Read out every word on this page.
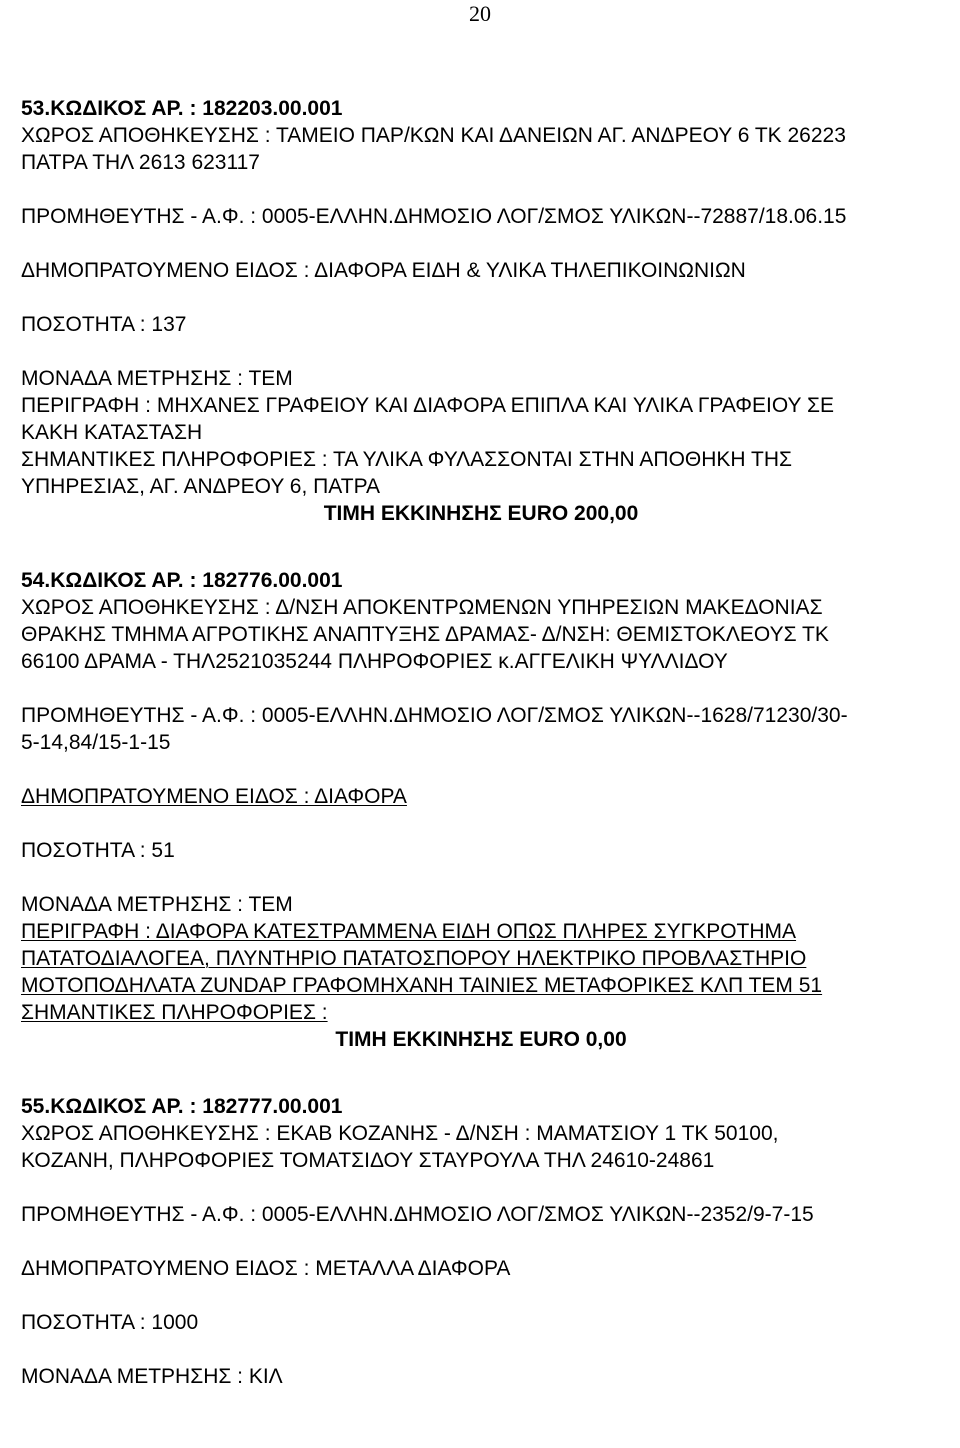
20
53.ΚΩΔΙΚΟΣ ΑΡ. : 182203.00.001
ΧΩΡΟΣ ΑΠΟΘΗΚΕΥΣΗΣ : ΤΑΜΕΙΟ ΠΑΡ/ΚΩΝ ΚΑΙ ΔΑΝΕΙΩΝ ΑΓ. ΑΝΔΡΕΟΥ 6 ΤΚ 26223
ΠΑΤΡΑ ΤΗΛ 2613 623117
ΠΡΟΜΗΘΕΥΤΗΣ - Α.Φ. : 0005-ΕΛΛΗΝ.ΔΗΜΟΣΙΟ ΛΟΓ/ΣΜΟΣ ΥΛΙΚΩΝ--72887/18.06.15
ΔΗΜΟΠΡΑΤΟΥΜΕΝΟ ΕΙΔΟΣ : ΔΙΑΦΟΡΑ ΕΙΔΗ & ΥΛΙΚΑ ΤΗΛΕΠΙΚΟΙΝΩΝΙΩΝ
ΠΟΣΟΤΗΤΑ : 137
ΜΟΝΑΔΑ ΜΕΤΡΗΣΗΣ : ΤΕΜ
ΠΕΡΙΓΡΑΦΗ : ΜΗΧΑΝΕΣ ΓΡΑΦΕΙΟΥ ΚΑΙ ΔΙΑΦΟΡΑ ΕΠΙΠΛΑ ΚΑΙ ΥΛΙΚΑ ΓΡΑΦΕΙΟΥ ΣΕ
ΚΑΚΗ ΚΑΤΑΣΤΑΣΗ
ΣΗΜΑΝΤΙΚΕΣ ΠΛΗΡΟΦΟΡΙΕΣ : ΤΑ ΥΛΙΚΑ ΦΥΛΑΣΣΟΝΤΑΙ ΣΤΗΝ ΑΠΟΘΗΚΗ ΤΗΣ
ΥΠΗΡΕΣΙΑΣ, ΑΓ. ΑΝΔΡΕΟΥ 6, ΠΑΤΡΑ
ΤΙΜΗ ΕΚΚΙΝΗΣΗΣ EURO 200,00
54.ΚΩΔΙΚΟΣ ΑΡ. : 182776.00.001
ΧΩΡΟΣ ΑΠΟΘΗΚΕΥΣΗΣ : Δ/ΝΣΗ ΑΠΟΚΕΝΤΡΩΜΕΝΩΝ ΥΠΗΡΕΣΙΩΝ ΜΑΚΕΔΟΝΙΑΣ
ΘΡΑΚΗΣ ΤΜΗΜΑ ΑΓΡΟΤΙΚΗΣ ΑΝΑΠΤΥΞΗΣ ΔΡΑΜΑΣ- Δ/ΝΣΗ: ΘΕΜΙΣΤΟΚΛΕΟΥΣ ΤΚ
66100 ΔΡΑΜΑ - ΤΗΛ2521035244 ΠΛΗΡΟΦΟΡΙΕΣ κ.ΑΓΓΕΛΙΚΗ ΨΥΛΛΙΔΟΥ
ΠΡΟΜΗΘΕΥΤΗΣ - Α.Φ. : 0005-ΕΛΛΗΝ.ΔΗΜΟΣΙΟ ΛΟΓ/ΣΜΟΣ ΥΛΙΚΩΝ--1628/71230/30-
5-14,84/15-1-15
ΔΗΜΟΠΡΑΤΟΥΜΕΝΟ ΕΙΔΟΣ : ΔΙΑΦΟΡΑ
ΠΟΣΟΤΗΤΑ : 51
ΜΟΝΑΔΑ ΜΕΤΡΗΣΗΣ : ΤΕΜ
ΠΕΡΙΓΡΑΦΗ : ΔΙΑΦΟΡΑ ΚΑΤΕΣΤΡΑΜΜΕΝΑ ΕΙΔΗ ΟΠΩΣ ΠΛΗΡΕΣ ΣΥΓΚΡΟΤΗΜΑ
ΠΑΤΑΤΟΔΙΑΛΟΓΕΑ, ΠΛΥΝΤΗΡΙΟ ΠΑΤΑΤΟΣΠΟΡΟΥ ΗΛΕΚΤΡΙΚΟ ΠΡΟΒΛΑΣΤΗΡΙΟ
ΜΟΤΟΠΟΔΗΛΑΤΑ ZUNDAP ΓΡΑΦΟΜΗΧΑΝΗ ΤΑΙΝΙΕΣ ΜΕΤΑΦΟΡΙΚΕΣ ΚΛΠ ΤΕΜ 51
ΣΗΜΑΝΤΙΚΕΣ ΠΛΗΡΟΦΟΡΙΕΣ :
ΤΙΜΗ ΕΚΚΙΝΗΣΗΣ EURO 0,00
55.ΚΩΔΙΚΟΣ ΑΡ. : 182777.00.001
ΧΩΡΟΣ ΑΠΟΘΗΚΕΥΣΗΣ : ΕΚΑΒ ΚΟΖΑΝΗΣ - Δ/ΝΣΗ : ΜΑΜΑΤΣΙΟΥ 1 ΤΚ 50100,
ΚΟΖΑΝΗ, ΠΛΗΡΟΦΟΡΙΕΣ ΤΟΜΑΤΣΙΔΟΥ ΣΤΑΥΡΟΥΛΑ ΤΗΛ 24610-24861
ΠΡΟΜΗΘΕΥΤΗΣ - Α.Φ. : 0005-ΕΛΛΗΝ.ΔΗΜΟΣΙΟ ΛΟΓ/ΣΜΟΣ ΥΛΙΚΩΝ--2352/9-7-15
ΔΗΜΟΠΡΑΤΟΥΜΕΝΟ ΕΙΔΟΣ : ΜΕΤΑΛΛΑ ΔΙΑΦΟΡΑ
ΠΟΣΟΤΗΤΑ : 1000
ΜΟΝΑΔΑ ΜΕΤΡΗΣΗΣ : ΚΙΛ
